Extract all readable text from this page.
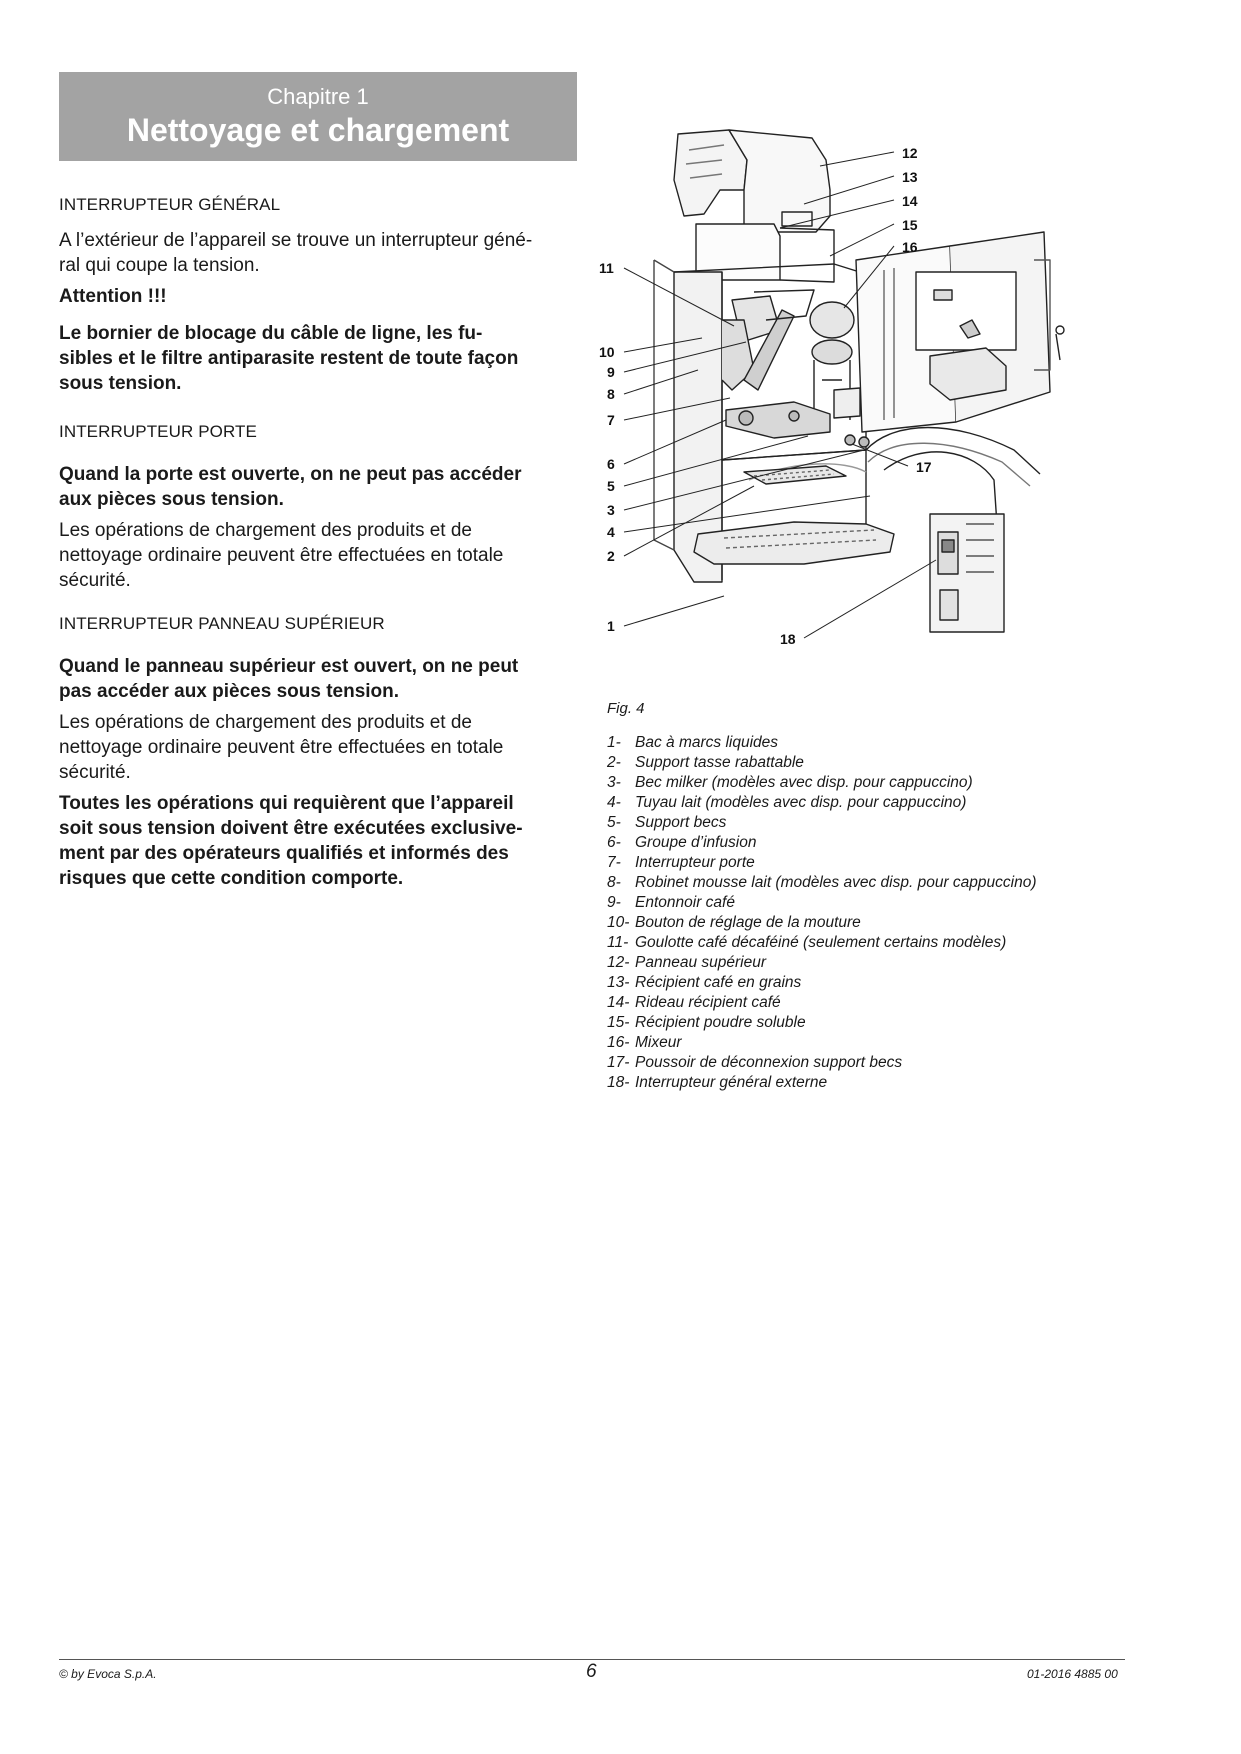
Chapitre 1
Nettoyage et chargement
INTERRUPTEUR GÉNÉRAL
A l’extérieur de l’appareil se trouve un interrupteur géné-
ral qui coupe la tension.
Attention !!!
Le bornier de blocage du câble de ligne, les fu-
sibles et le filtre antiparasite restent de toute façon
sous tension.
INTERRUPTEUR PORTE
Quand la porte est ouverte, on ne peut pas accéder
aux pièces sous tension.
Les opérations de chargement des produits et de
nettoyage ordinaire peuvent être effectuées en totale
sécurité.
INTERRUPTEUR PANNEAU SUPÉRIEUR
Quand le panneau supérieur est ouvert, on ne peut
pas accéder aux pièces sous tension.
Les opérations de chargement des produits et de
nettoyage ordinaire peuvent être effectuées en totale
sécurité.
Toutes les opérations qui requièrent que l’appareil
soit sous tension doivent être exécutées exclusive-
ment par des opérateurs qualifiés et informés des
risques que cette condition comporte.
12
13
14
15
16
11
10
9
8
7
6
5
3
4
2
1
17
18
Fig. 4
1- Bac à marcs liquides
2- Support tasse rabattable
3- Bec milker (modèles avec disp. pour cappuccino)
4- Tuyau lait (modèles avec disp. pour cappuccino)
5- Support becs
6- Groupe d’infusion
7- Interrupteur porte
8- Robinet mousse lait (modèles avec disp. pour cappuccino)
9- Entonnoir café
10- Bouton de réglage de la mouture
11- Goulotte café décaféiné (seulement certains modèles)
12- Panneau supérieur
13- Récipient café en grains
14- Rideau récipient café
15- Récipient poudre soluble
16- Mixeur
17- Poussoir de déconnexion support becs
18- Interrupteur général externe
© by Evoca S.p.A.	6	01-2016 4885 00
